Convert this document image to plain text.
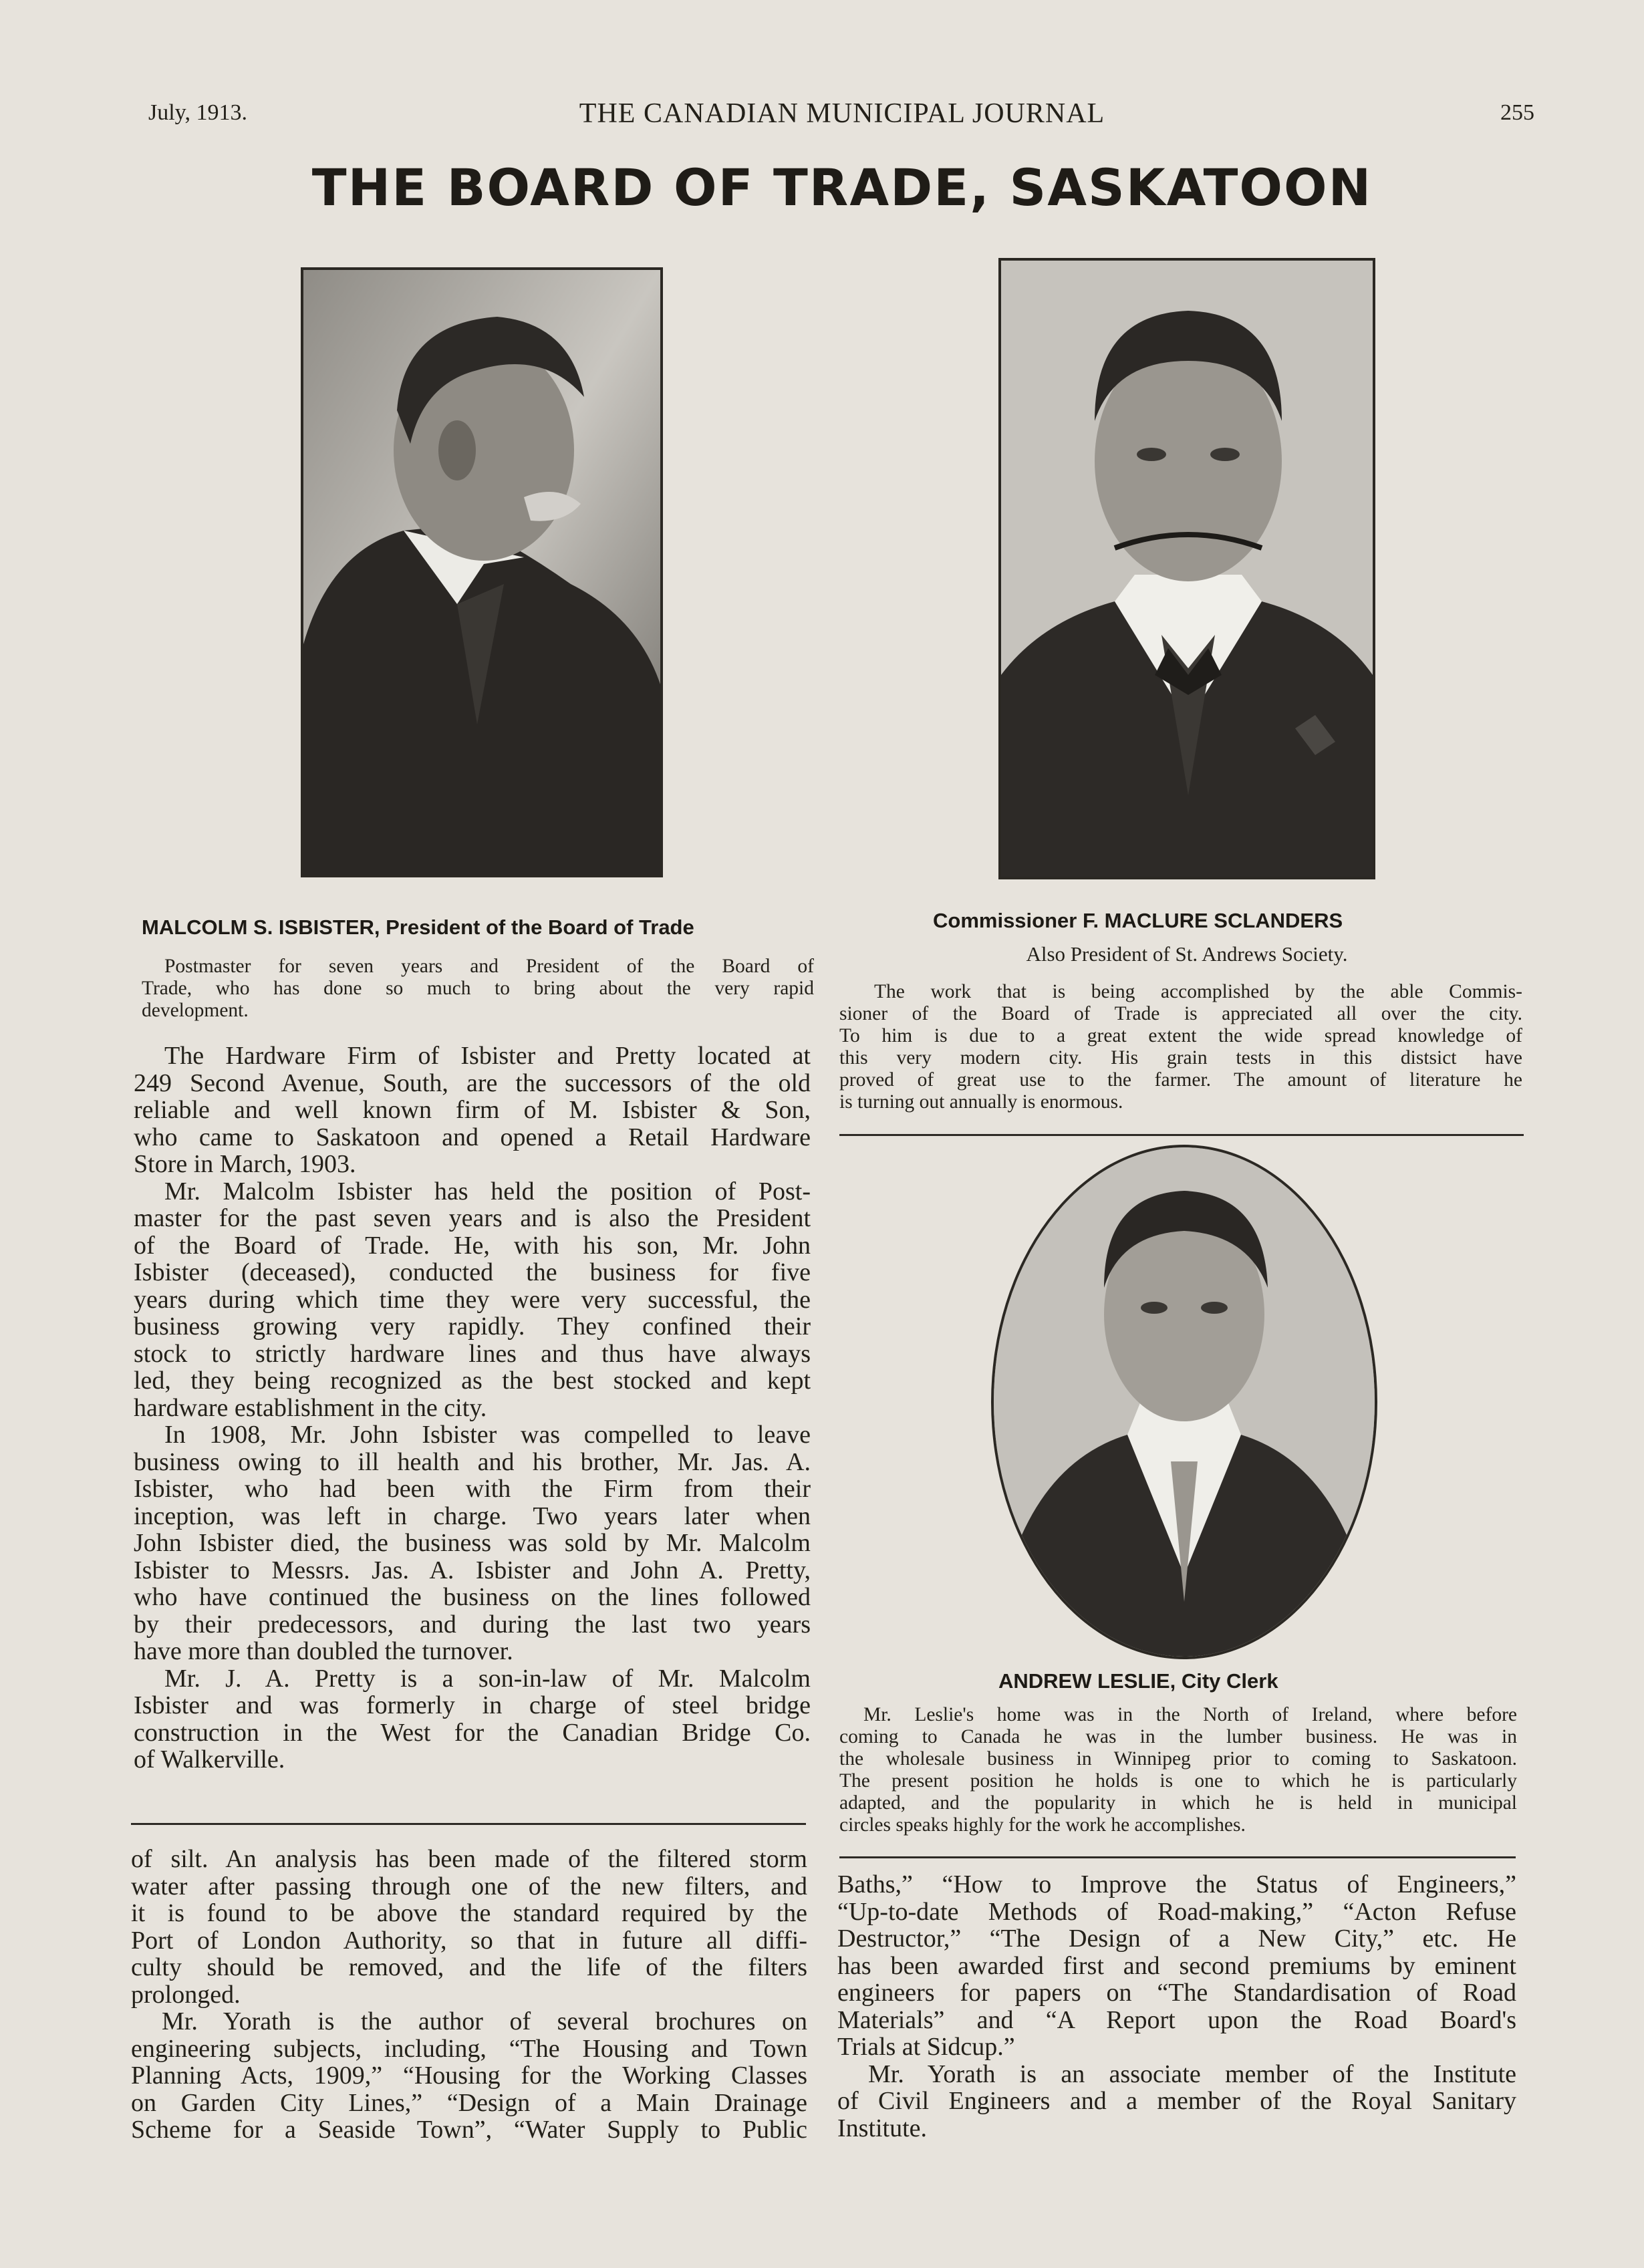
July, 1913.	THE CANADIAN MUNICIPAL JOURNAL	255
THE BOARD OF TRADE, SASKATOON
MALCOLM S. ISBISTER, President of the Board of Trade
Postmaster for seven years and President of the Board of
Trade, who has done so much to bring about the very rapid
development.
The Hardware Firm of Isbister and Pretty located at
249 Second Avenue, South, are the successors of the old
reliable and well known firm of M. Isbister & Son,
who came to Saskatoon and opened a Retail Hardware
Store in March, 1903.
Mr. Malcolm Isbister has held the position of Post-
master for the past seven years and is also the President
of the Board of Trade. He, with his son, Mr. John
Isbister (deceased), conducted the business for five
years during which time they were very successful, the
business growing very rapidly. They confined their
stock to strictly hardware lines and thus have always
led, they being recognized as the best stocked and kept
hardware establishment in the city.
In 1908, Mr. John Isbister was compelled to leave
business owing to ill health and his brother, Mr. Jas. A.
Isbister, who had been with the Firm from their
inception, was left in charge. Two years later when
John Isbister died, the business was sold by Mr. Malcolm
Isbister to Messrs. Jas. A. Isbister and John A. Pretty,
who have continued the business on the lines followed
by their predecessors, and during the last two years
have more than doubled the turnover.
Mr. J. A. Pretty is a son-in-law of Mr. Malcolm
Isbister and was formerly in charge of steel bridge
construction in the West for the Canadian Bridge Co.
of Walkerville.
Commissioner F. MACLURE SCLANDERS
Also President of St. Andrews Society.
The work that is being accomplished by the able Commis-
sioner of the Board of Trade is appreciated all over the city.
To him is due to a great extent the wide spread knowledge of
this very modern city. His grain tests in this distsict have
proved of great use to the farmer. The amount of literature he
is turning out annually is enormous.
ANDREW LESLIE, City Clerk
Mr. Leslie's home was in the North of Ireland, where before
coming to Canada he was in the lumber business. He was in
the wholesale business in Winnipeg prior to coming to Saskatoon.
The present position he holds is one to which he is particularly
adapted, and the popularity in which he is held in municipal
circles speaks highly for the work he accomplishes.
of silt. An analysis has been made of the filtered storm
water after passing through one of the new filters, and
it is found to be above the standard required by the
Port of London Authority, so that in future all diffi-
culty should be removed, and the life of the filters
prolonged.
Mr. Yorath is the author of several brochures on
engineering subjects, including, “The Housing and Town
Planning Acts, 1909,” “Housing for the Working Classes
on Garden City Lines,” “Design of a Main Drainage
Scheme for a Seaside Town”, “Water Supply to Public
Baths,” “How to Improve the Status of Engineers,”
“Up-to-date Methods of Road-making,” “Acton Refuse
Destructor,” “The Design of a New City,” etc. He
has been awarded first and second premiums by eminent
engineers for papers on “The Standardisation of Road
Materials” and “A Report upon the Road Board's
Trials at Sidcup.”
Mr. Yorath is an associate member of the Institute
of Civil Engineers and a member of the Royal Sanitary
Institute.
